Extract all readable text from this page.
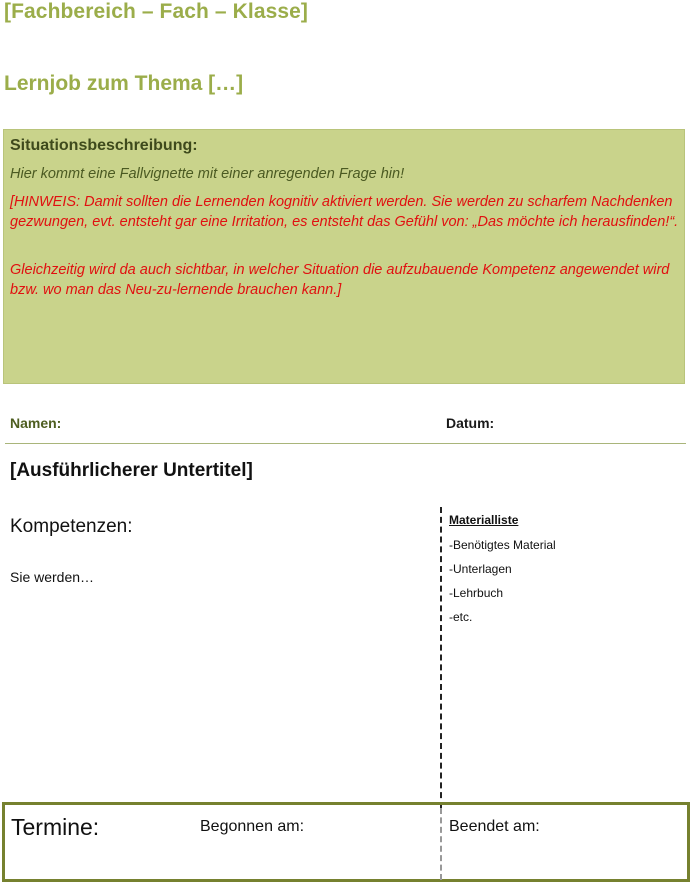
[Fachbereich – Fach – Klasse]
Lernjob zum Thema […]
Situationsbeschreibung:
Hier kommt eine Fallvignette mit einer anregenden Frage hin!
[HINWEIS: Damit sollten die Lernenden kognitiv aktiviert werden. Sie werden zu scharfem Nachdenken gezwungen, evt. entsteht gar eine Irritation, es entsteht das Gefühl von: „Das möchte ich herausfinden!“.
Gleichzeitig wird da auch sichtbar, in welcher Situation die aufzubauende Kompetenz angewendet wird bzw. wo man das Neu-zu-lernende brauchen kann.]
Namen:	Datum:
[Ausführlicherer Untertitel]
Kompetenzen:
Sie werden…
Materialliste
-Benötigtes Material
-Unterlagen
-Lehrbuch
-etc.
Termine:	Begonnen am:	Beendet am:
